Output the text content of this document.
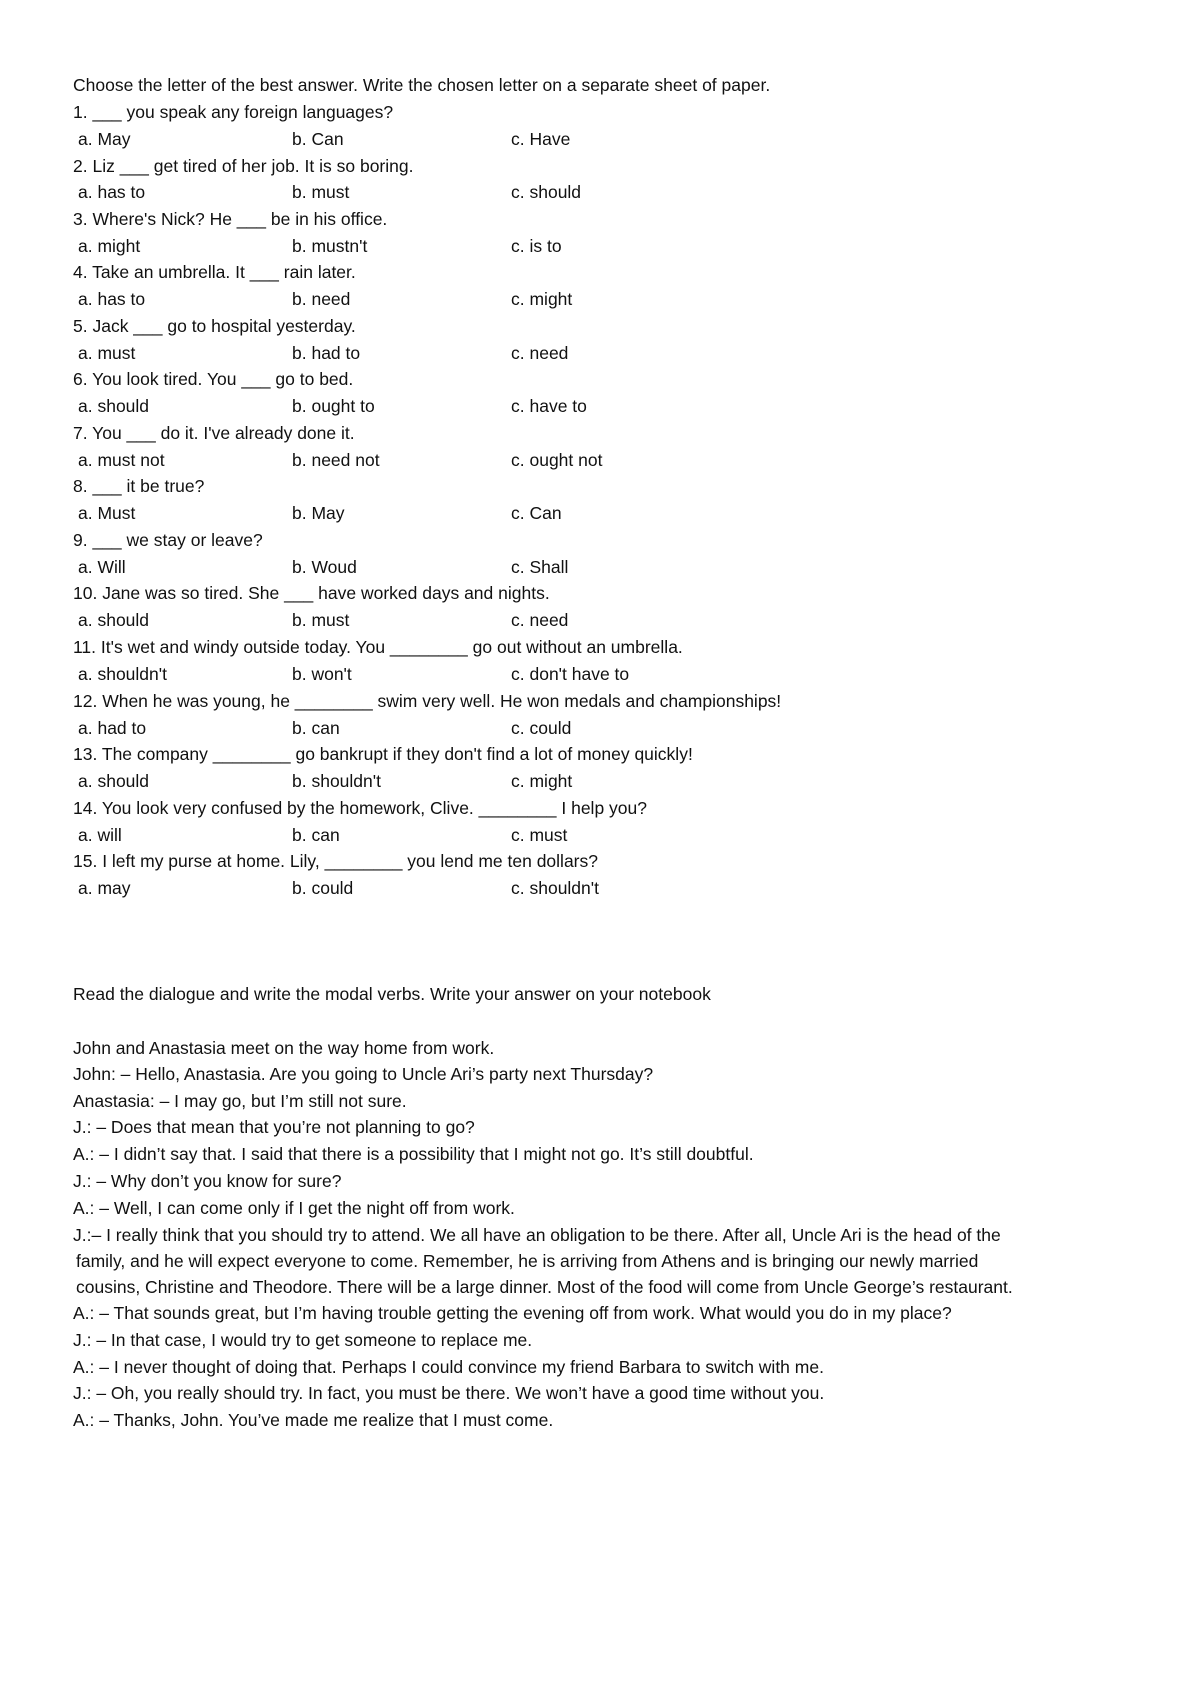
Choose the letter of the best answer. Write the chosen letter on a separate sheet of paper.
1. ___ you speak any foreign languages?
a. May	b. Can	c. Have
2. Liz ___ get tired of her job. It is so boring.
a. has to	b. must	c. should
3. Where's Nick? He ___ be in his office.
a. might	b. mustn't	c. is to
4. Take an umbrella. It ___ rain later.
a. has to	b. need	c. might
5. Jack ___ go to hospital yesterday.
a. must	b. had to	c. need
6. You look tired. You ___ go to bed.
a. should	b. ought to	c. have to
7. You ___ do it. I've already done it.
a. must not	b. need not	c. ought not
8. ___ it be true?
a. Must	b. May	c. Can
9. ___ we stay or leave?
a. Will	b. Woud	c. Shall
10. Jane was so tired. She ___ have worked days and nights.
a. should	b. must	c. need
11. It's wet and windy outside today. You ________ go out without an umbrella.
a. shouldn't	b. won't	c. don't have to
12. When he was young, he ________ swim very well. He won medals and championships!
a. had to	b. can	c. could
13. The company ________ go bankrupt if they don't find a lot of money quickly!
a. should	b. shouldn't	c. might
14. You look very confused by the homework, Clive. ________ I help you?
a. will	b. can	c. must
15. I left my purse at home. Lily, ________ you lend me ten dollars?
a. may	b. could	c. shouldn't
Read the dialogue and write the modal verbs. Write your answer on your notebook
John and Anastasia meet on the way home from work.
John: – Hello, Anastasia. Are you going to Uncle Ari’s party next Thursday?
Anastasia: – I may go, but I’m still not sure.
J.: – Does that mean that you’re not planning to go?
A.: – I didn’t say that. I said that there is a possibility that I might not go. It’s still doubtful.
J.: – Why don’t you know for sure?
A.: – Well, I can come only if I get the night off from work.
J.:– I really think that you should try to attend. We all have an obligation to be there. After all, Uncle Ari is the head of the
family, and he will expect everyone to come. Remember, he is arriving from Athens and is bringing our newly married
cousins, Christine and Theodore. There will be a large dinner. Most of the food will come from Uncle George’s restaurant.
A.: – That sounds great, but I’m having trouble getting the evening off from work. What would you do in my place?
J.: – In that case, I would try to get someone to replace me.
A.: – I never thought of doing that. Perhaps I could convince my friend Barbara to switch with me.
J.: – Oh, you really should try. In fact, you must be there. We won’t have a good time without you.
A.: – Thanks, John. You’ve made me realize that I must come.
